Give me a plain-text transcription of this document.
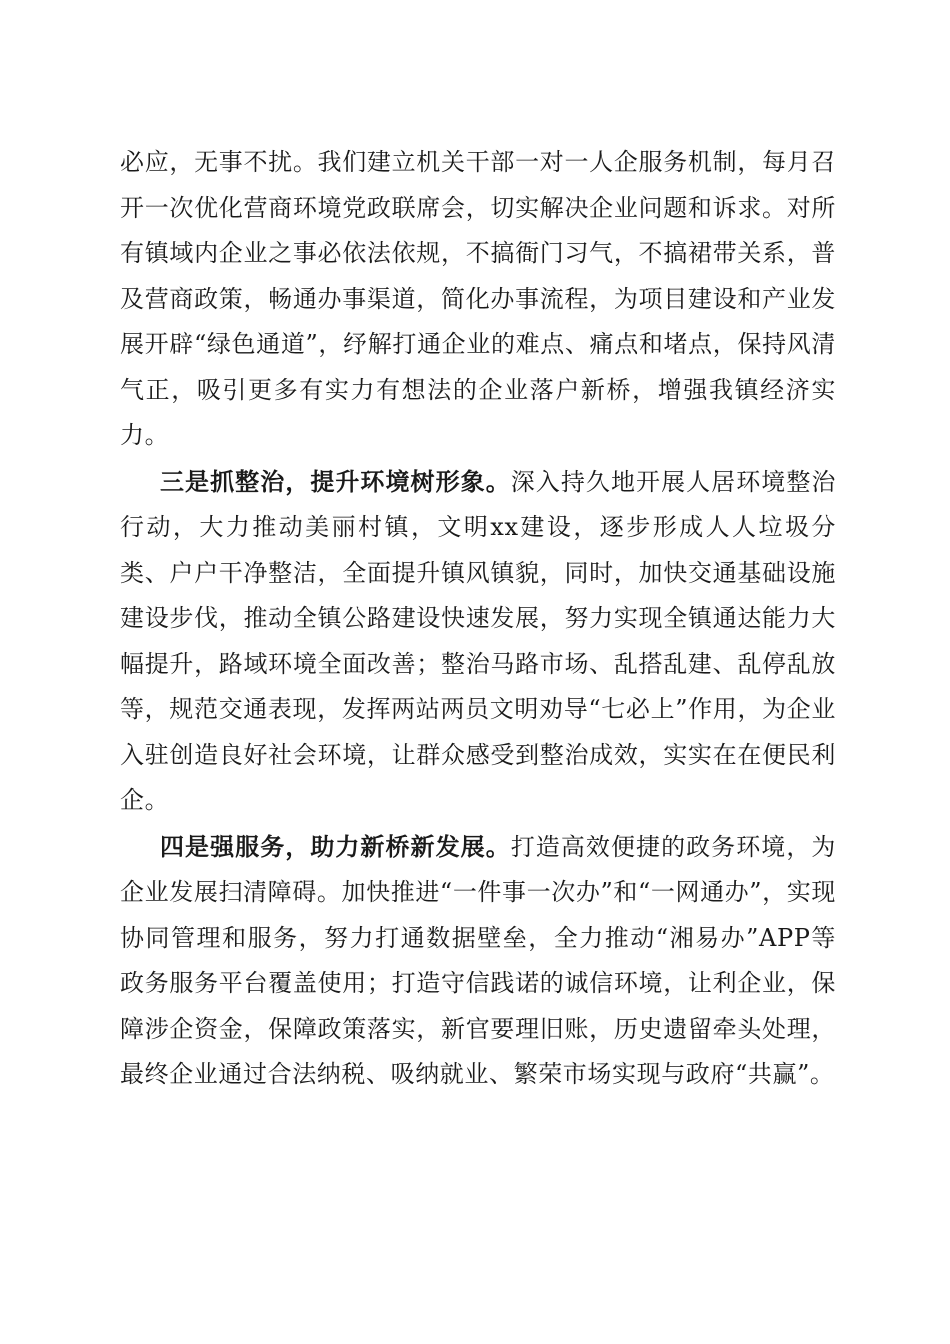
必应，无事不扰。我们建立机关干部一对一人企服务机制，每月召开一次优化营商环境党政联席会，切实解决企业问题和诉求。对所有镇域内企业之事必依法依规，不搞衙门习气，不搞裙带关系，普及营商政策，畅通办事渠道，简化办事流程，为项目建设和产业发展开辟“绿色通道”，纾解打通企业的难点、痛点和堵点，保持风清气正，吸引更多有实力有想法的企业落户新桥，增强我镇经济实力。

三是抓整治，提升环境树形象。深入持久地开展人居环境整治行动，大力推动美丽村镇，文明xx建设，逐步形成人人垃圾分类、户户干净整洁，全面提升镇风镇貌，同时，加快交通基础设施建设步伐，推动全镇公路建设快速发展，努力实现全镇通达能力大幅提升，路域环境全面改善；整治马路市场、乱搭乱建、乱停乱放等，规范交通表现，发挥两站两员文明劝导“七必上”作用，为企业入驻创造良好社会环境，让群众感受到整治成效，实实在在便民利企。

四是强服务，助力新桥新发展。打造高效便捷的政务环境，为企业发展扫清障碍。加快推进“一件事一次办”和“一网通办”，实现协同管理和服务，努力打通数据壁垒，全力推动“湘易办”APP等政务服务平台覆盖使用；打造守信践诺的诚信环境，让利企业，保障涉企资金，保障政策落实，新官要理旧账，历史遗留牵头处理，最终企业通过合法纳税、吸纳就业、繁荣市场实现与政府“共赢”。
